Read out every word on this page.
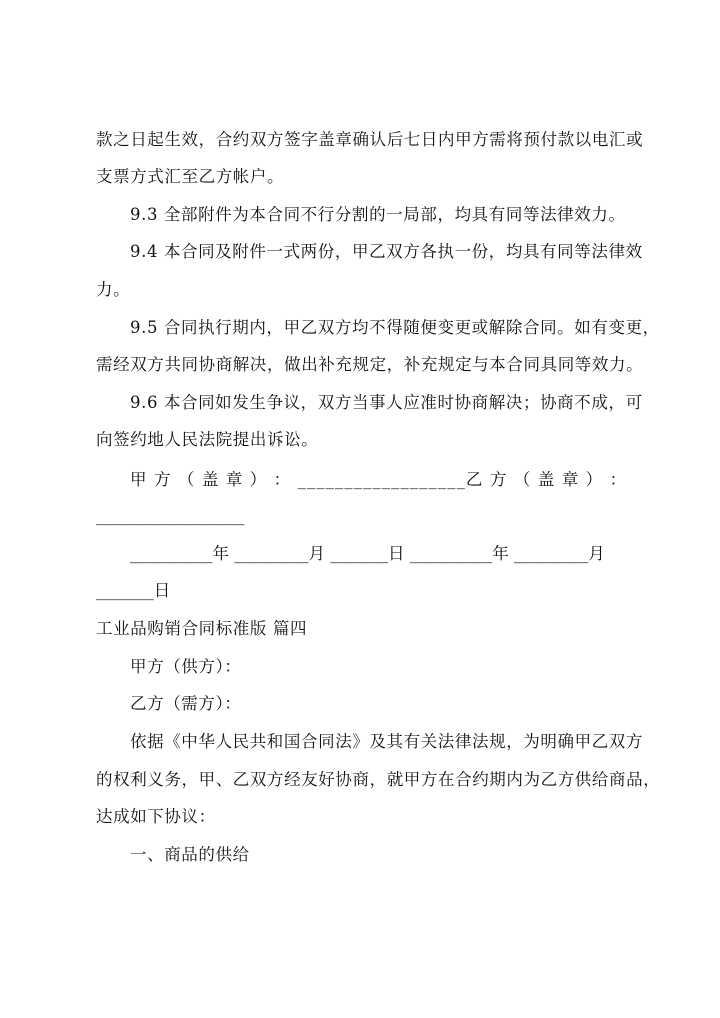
款之日起生效，合约双方签字盖章确认后七日内甲方需将预付款以电汇或
支票方式汇至乙方帐户。
9.3 全部附件为本合同不行分割的一局部，均具有同等法律效力。
9.4 本合同及附件一式两份，甲乙双方各执一份，均具有同等法律效
力。
9.5 合同执行期内，甲乙双方均不得随便变更或解除合同。如有变更，
需经双方共同协商解决，做出补充规定，补充规定与本合同具同等效力。
9.6 本合同如发生争议，双方当事人应准时协商解决；协商不成，可
向签约地人民法院提出诉讼。
甲 方 （ 盖 章 ） ： __________________乙 方 （ 盖 章 ） ：
__________________
__________年 _________月 _______日 __________年 _________月
_______日
工业品购销合同标准版 篇四
甲方（供方）：
乙方（需方）：
依据《中华人民共和国合同法》及其有关法律法规，为明确甲乙双方
的权利义务，甲、乙双方经友好协商，就甲方在合约期内为乙方供给商品，
达成如下协议：
一、商品的供给
